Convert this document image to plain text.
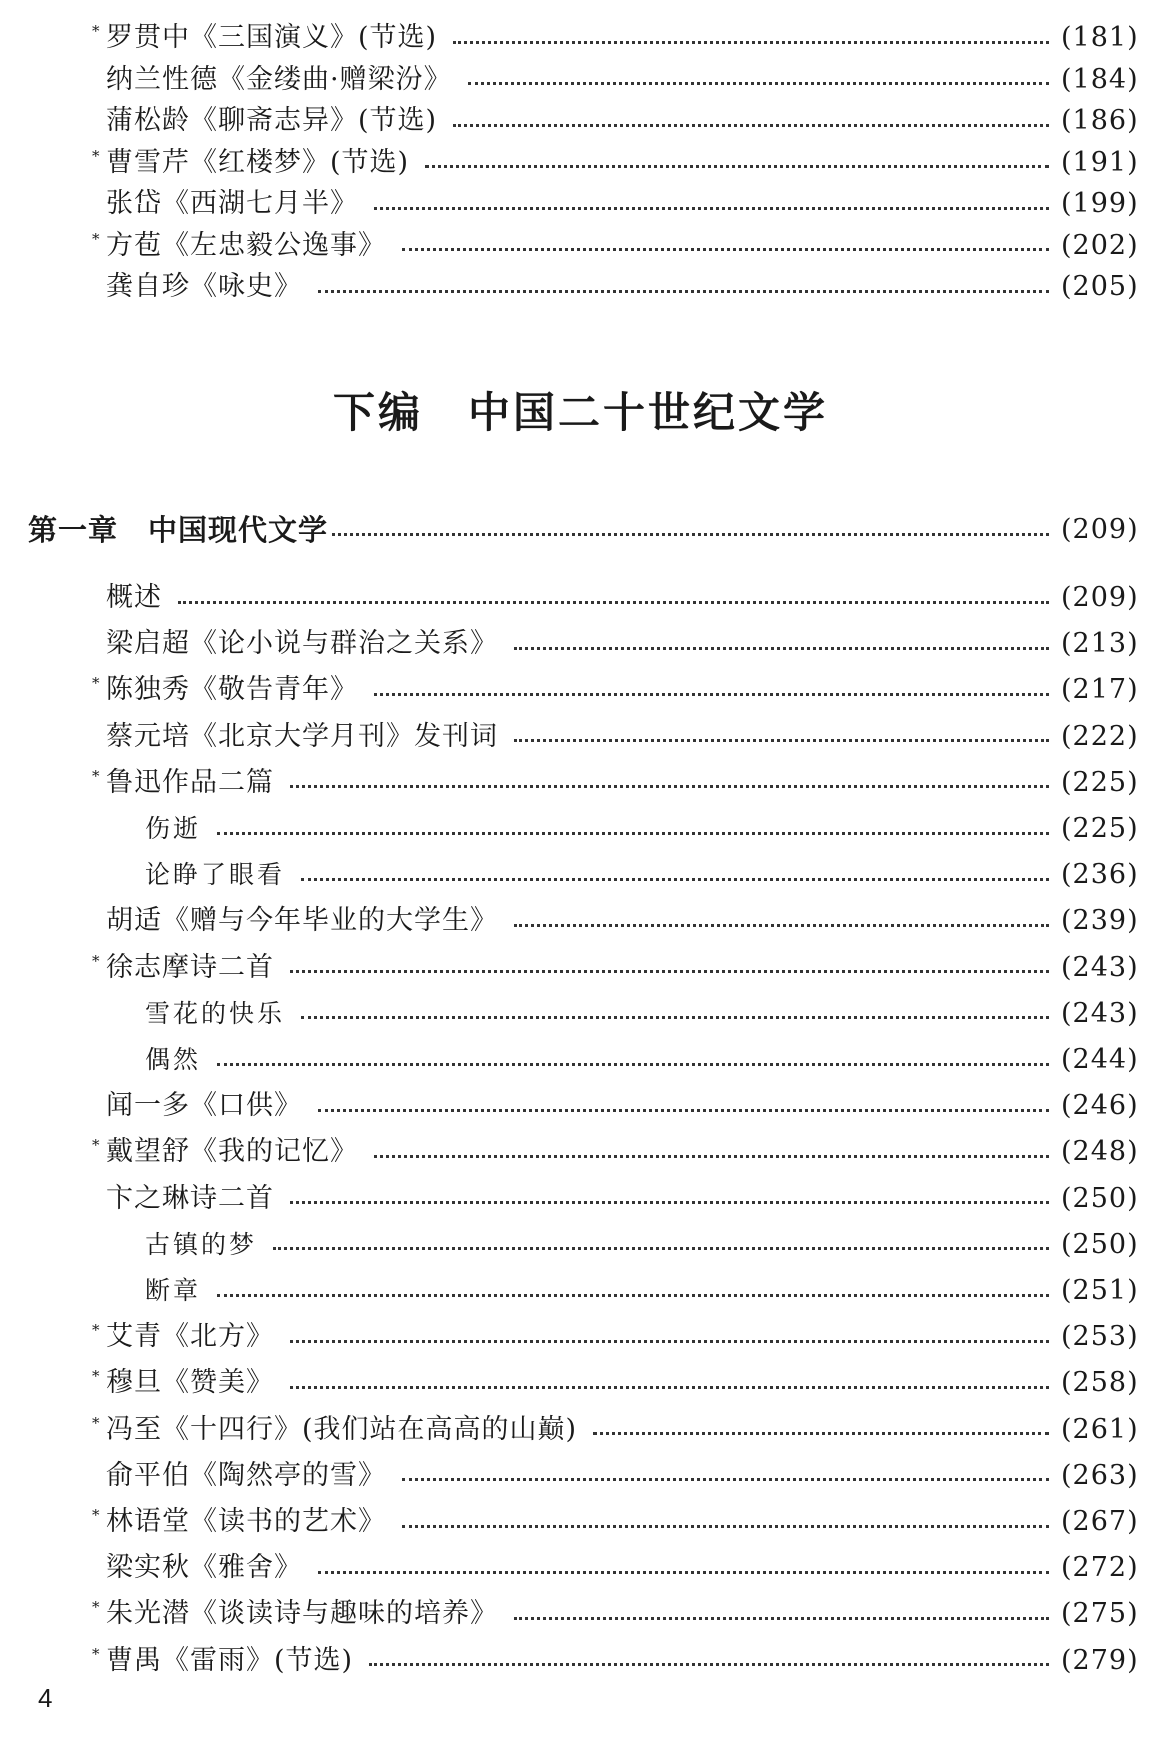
* 罗贯中《三国演义》(节选)	(181)
纳兰性德《金缕曲·赠梁汾》	(184)
蒲松龄《聊斋志异》(节选)	(186)
* 曹雪芹《红楼梦》(节选)	(191)
张岱《西湖七月半》	(199)
* 方苞《左忠毅公逸事》	(202)
龚自珍《咏史》	(205)
第一章　中国现代文学	(209)
概述	(209)
梁启超《论小说与群治之关系》	(213)
* 陈独秀《敬告青年》	(217)
蔡元培《北京大学月刊》发刊词	(222)
* 鲁迅作品二篇	(225)
伤逝	(225)
论睁了眼看	(236)
胡适《赠与今年毕业的大学生》	(239)
* 徐志摩诗二首	(243)
雪花的快乐	(243)
偶然	(244)
闻一多《口供》	(246)
* 戴望舒《我的记忆》	(248)
卞之琳诗二首	(250)
古镇的梦	(250)
断章	(251)
* 艾青《北方》	(253)
* 穆旦《赞美》	(258)
* 冯至《十四行》(我们站在高高的山巅)	(261)
俞平伯《陶然亭的雪》	(263)
* 林语堂《读书的艺术》	(267)
梁实秋《雅舍》	(272)
* 朱光潜《谈读诗与趣味的培养》	(275)
* 曹禺《雷雨》(节选)	(279)
下编　中国二十世纪文学
4
